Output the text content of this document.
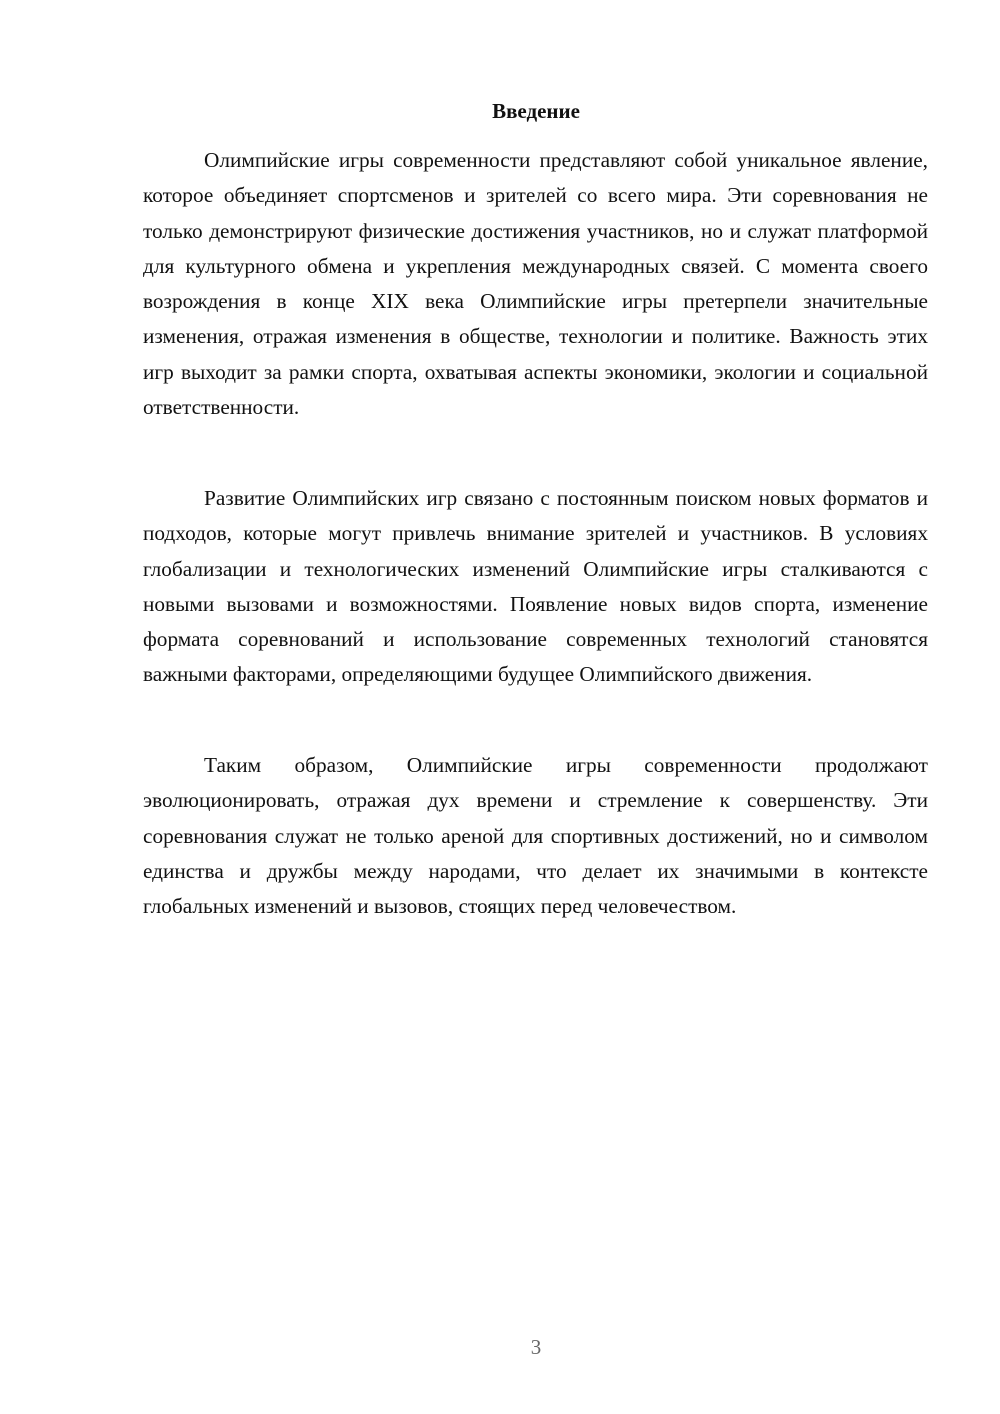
Введение

Олимпийские игры современности представляют собой уникальное явление, которое объединяет спортсменов и зрителей со всего мира. Эти соревнования не только демонстрируют физические достижения участников, но и служат платформой для культурного обмена и укрепления международных связей. С момента своего возрождения в конце XIX века Олимпийские игры претерпели значительные изменения, отражая изменения в обществе, технологии и политике. Важность этих игр выходит за рамки спорта, охватывая аспекты экономики, экологии и социальной ответственности.

Развитие Олимпийских игр связано с постоянным поиском новых форматов и подходов, которые могут привлечь внимание зрителей и участников. В условиях глобализации и технологических изменений Олимпийские игры сталкиваются с новыми вызовами и возможностями. Появление новых видов спорта, изменение формата соревнований и использование современных технологий становятся важными факторами, определяющими будущее Олимпийского движения.

Таким образом, Олимпийские игры современности продолжают эволюционировать, отражая дух времени и стремление к совершенству. Эти соревнования служат не только ареной для спортивных достижений, но и символом единства и дружбы между народами, что делает их значимыми в контексте глобальных изменений и вызовов, стоящих перед человечеством.

3
